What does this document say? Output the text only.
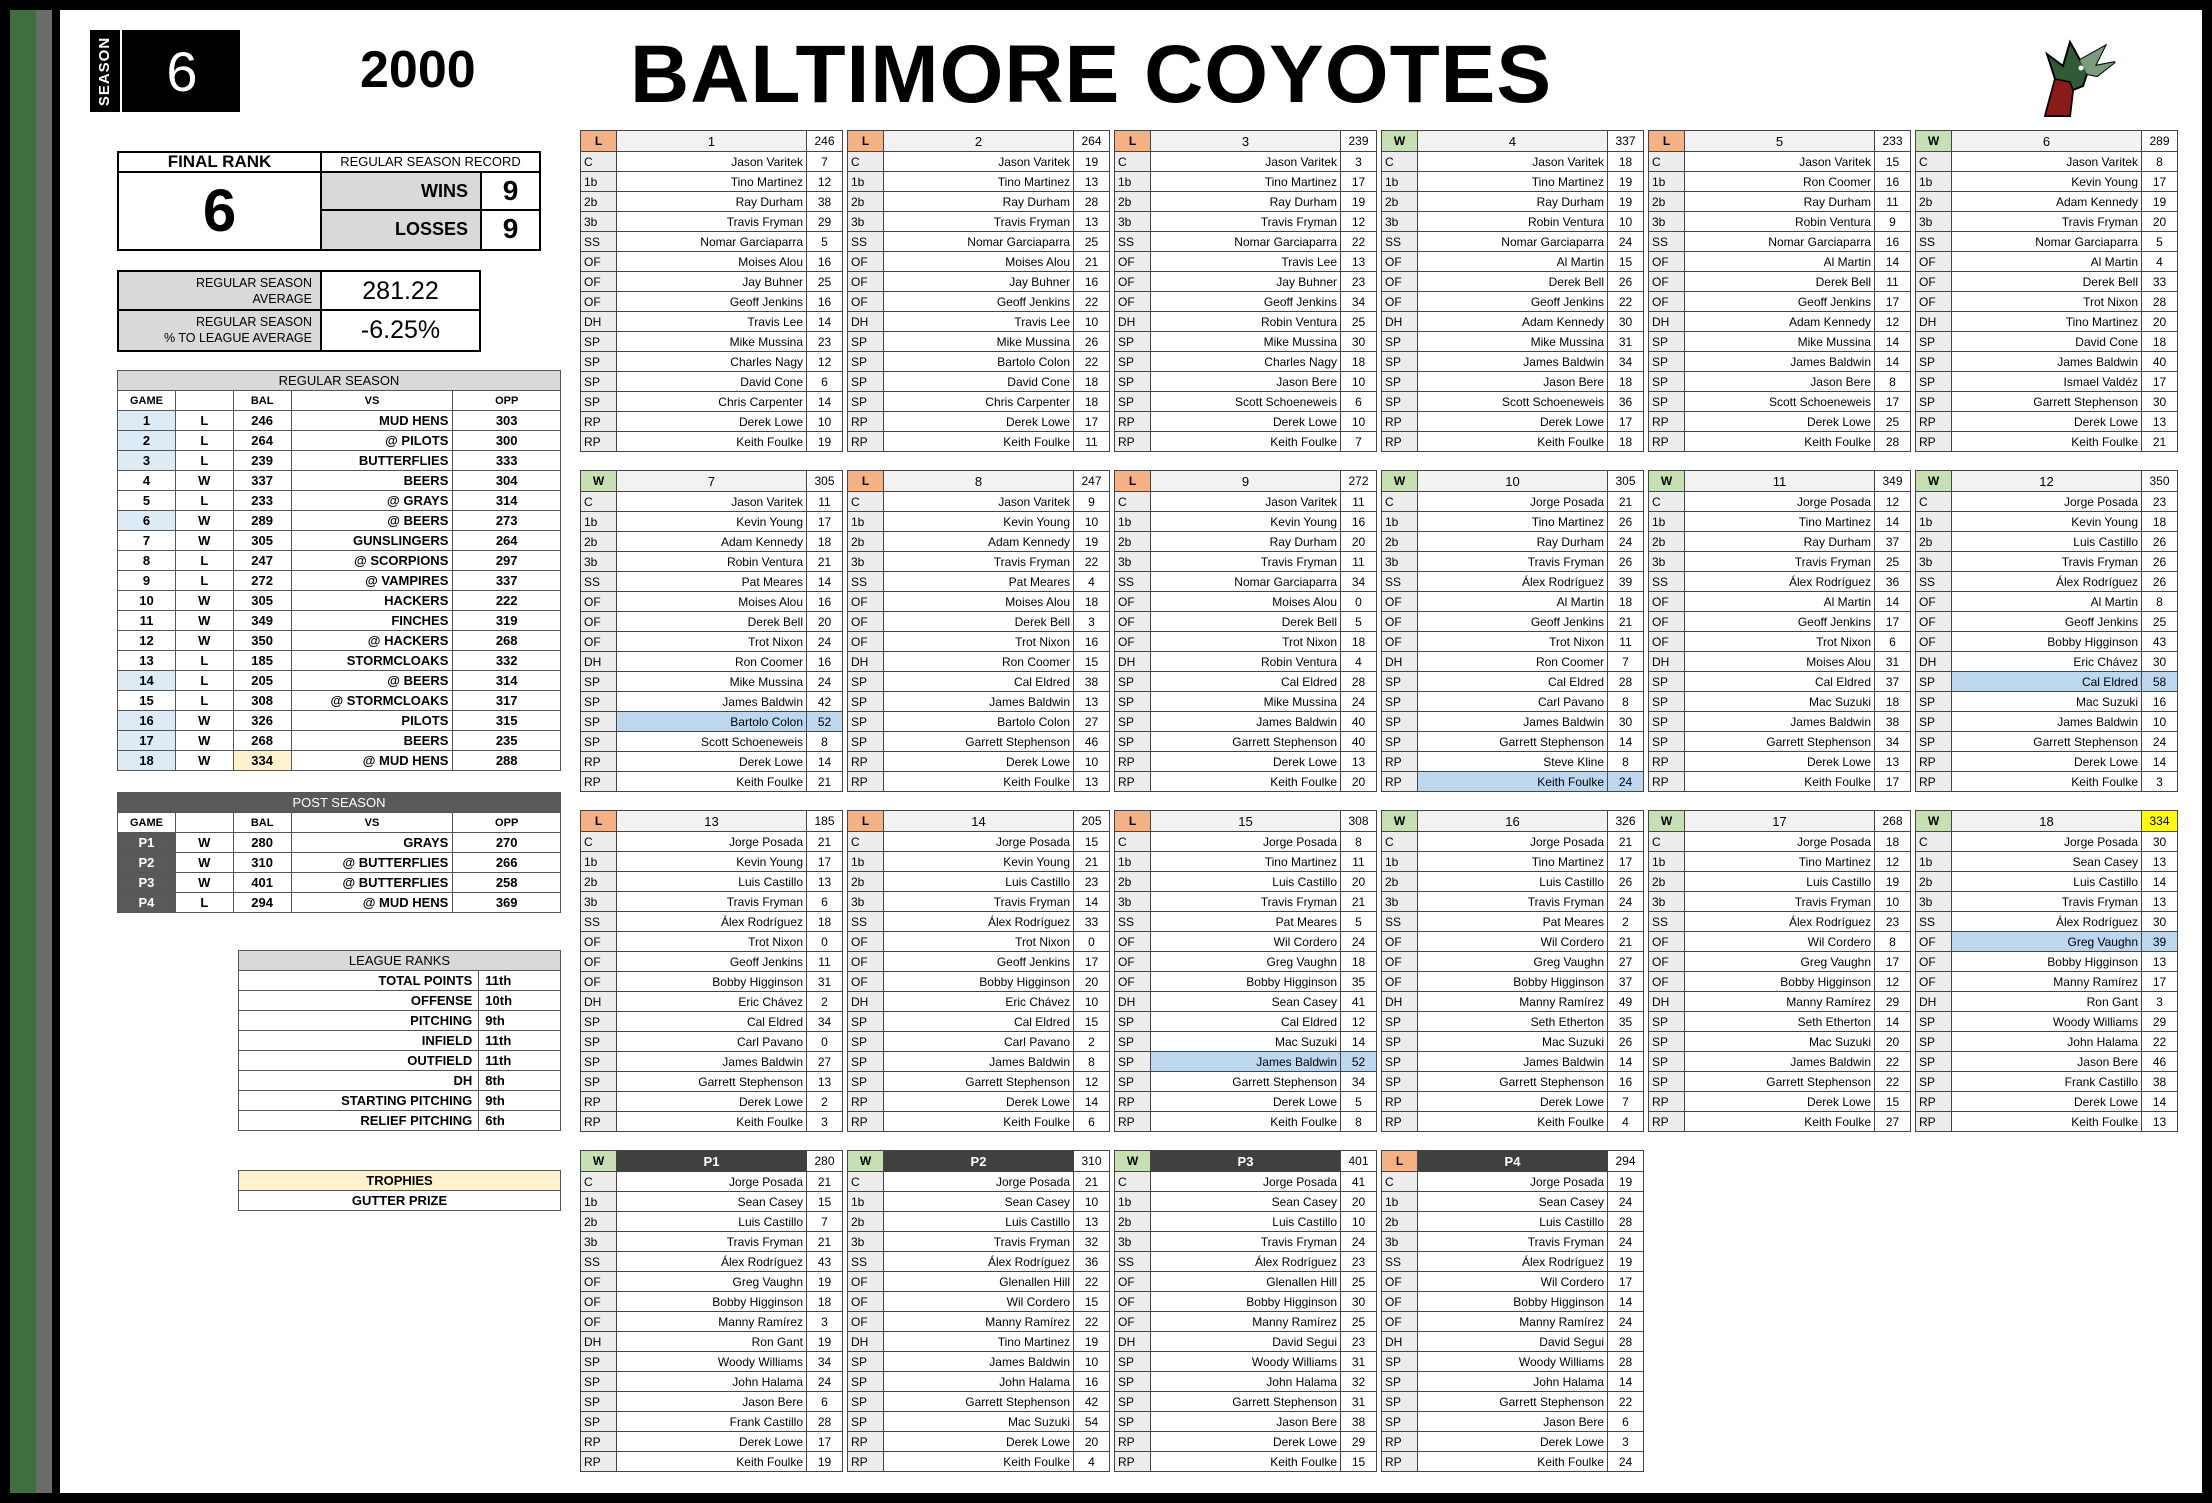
SEASON 6	2000 BALTIMORE COYOTES
FINAL RANK
6
REGULAR SEASON RECORD
WINS	9
LOSSES	9
REGULAR SEASON
AVERAGE	281.22
REGULAR SEASON
% TO LEAGUE AVERAGE	-6.25%
REGULAR SEASON				
GAME		BAL	VS	OPP
1	L	246	MUD HENS	303
2	L	264	@ PILOTS	300
3	L	239	BUTTERFLIES	333
4	W	337	BEERS	304
5	L	233	@ GRAYS	314
6	W	289	@ BEERS	273
7	W	305	GUNSLINGERS	264
8	L	247	@ SCORPIONS	297
9	L	272	@ VAMPIRES	337
10	W	305	HACKERS	222
11	W	349	FINCHES	319
12	W	350	@ HACKERS	268
13	L	185	STORMCLOAKS	332
14	L	205	@ BEERS	314
15	L	308	@ STORMCLOAKS	317
16	W	326	PILOTS	315
17	W	268	BEERS	235
18	W	334	@ MUD HENS	288
POST SEASON				
GAME		BAL	VS	OPP
P1	W	280	GRAYS	270
P2	W	310	@ BUTTERFLIES	266
P3	W	401	@ BUTTERFLIES	258
P4	L	294	@ MUD HENS	369
LEAGUE RANKS	
TOTAL POINTS	11th
OFFENSE	10th
PITCHING	9th
INFIELD	11th
OUTFIELD	11th
DH	8th
STARTING PITCHING	9th
RELIEF PITCHING	6th
TROPHIES
GUTTER PRIZE
L	1	246
C	Jason Varitek	7
1b	Tino Martinez	12
2b	Ray Durham	38
3b	Travis Fryman	29
SS	Nomar Garciaparra	5
OF	Moises Alou	16
OF	Jay Buhner	25
OF	Geoff Jenkins	16
DH	Travis Lee	14
SP	Mike Mussina	23
SP	Charles Nagy	12
SP	David Cone	6
SP	Chris Carpenter	14
RP	Derek Lowe	10
RP	Keith Foulke	19
L	2	264
C	Jason Varitek	19
1b	Tino Martinez	13
2b	Ray Durham	28
3b	Travis Fryman	13
SS	Nomar Garciaparra	25
OF	Moises Alou	21
OF	Jay Buhner	16
OF	Geoff Jenkins	22
DH	Travis Lee	10
SP	Mike Mussina	26
SP	Bartolo Colon	22
SP	David Cone	18
SP	Chris Carpenter	18
RP	Derek Lowe	17
RP	Keith Foulke	11
L	3	239
C	Jason Varitek	3
1b	Tino Martinez	17
2b	Ray Durham	19
3b	Travis Fryman	12
SS	Nomar Garciaparra	22
OF	Travis Lee	13
OF	Jay Buhner	23
OF	Geoff Jenkins	34
DH	Robin Ventura	25
SP	Mike Mussina	30
SP	Charles Nagy	18
SP	Jason Bere	10
SP	Scott Schoeneweis	6
RP	Derek Lowe	10
RP	Keith Foulke	7
W	4	337
C	Jason Varitek	18
1b	Tino Martinez	19
2b	Ray Durham	19
3b	Robin Ventura	10
SS	Nomar Garciaparra	24
OF	Al Martin	15
OF	Derek Bell	26
OF	Geoff Jenkins	22
DH	Adam Kennedy	30
SP	Mike Mussina	31
SP	James Baldwin	34
SP	Jason Bere	18
SP	Scott Schoeneweis	36
RP	Derek Lowe	17
RP	Keith Foulke	18
L	5	233
C	Jason Varitek	15
1b	Ron Coomer	16
2b	Ray Durham	11
3b	Robin Ventura	9
SS	Nomar Garciaparra	16
OF	Al Martin	14
OF	Derek Bell	11
OF	Geoff Jenkins	17
DH	Adam Kennedy	12
SP	Mike Mussina	14
SP	James Baldwin	14
SP	Jason Bere	8
SP	Scott Schoeneweis	17
RP	Derek Lowe	25
RP	Keith Foulke	28
W	6	289
C	Jason Varitek	8
1b	Kevin Young	17
2b	Adam Kennedy	19
3b	Travis Fryman	20
SS	Nomar Garciaparra	5
OF	Al Martin	4
OF	Derek Bell	33
OF	Trot Nixon	28
DH	Tino Martinez	20
SP	David Cone	18
SP	James Baldwin	40
SP	Ismael Valdéz	17
SP	Garrett Stephenson	30
RP	Derek Lowe	13
RP	Keith Foulke	21
W	7	305
C	Jason Varitek	11
1b	Kevin Young	17
2b	Adam Kennedy	18
3b	Robin Ventura	21
SS	Pat Meares	14
OF	Moises Alou	16
OF	Derek Bell	20
OF	Trot Nixon	24
DH	Ron Coomer	16
SP	Mike Mussina	24
SP	James Baldwin	42
SP	Bartolo Colon	52
SP	Scott Schoeneweis	8
RP	Derek Lowe	14
RP	Keith Foulke	21
L	8	247
C	Jason Varitek	9
1b	Kevin Young	10
2b	Adam Kennedy	19
3b	Travis Fryman	22
SS	Pat Meares	4
OF	Moises Alou	18
OF	Derek Bell	3
OF	Trot Nixon	16
DH	Ron Coomer	15
SP	Cal Eldred	38
SP	James Baldwin	13
SP	Bartolo Colon	27
SP	Garrett Stephenson	46
RP	Derek Lowe	10
RP	Keith Foulke	13
L	9	272
C	Jason Varitek	11
1b	Kevin Young	16
2b	Ray Durham	20
3b	Travis Fryman	11
SS	Nomar Garciaparra	34
OF	Moises Alou	0
OF	Derek Bell	5
OF	Trot Nixon	18
DH	Robin Ventura	4
SP	Cal Eldred	28
SP	Mike Mussina	24
SP	James Baldwin	40
SP	Garrett Stephenson	40
RP	Derek Lowe	13
RP	Keith Foulke	20
W	10	305
C	Jorge Posada	21
1b	Tino Martinez	26
2b	Ray Durham	24
3b	Travis Fryman	26
SS	Álex Rodríguez	39
OF	Al Martin	18
OF	Geoff Jenkins	21
OF	Trot Nixon	11
DH	Ron Coomer	7
SP	Cal Eldred	28
SP	Carl Pavano	8
SP	James Baldwin	30
SP	Garrett Stephenson	14
RP	Steve Kline	8
RP	Keith Foulke	24
W	11	349
C	Jorge Posada	12
1b	Tino Martinez	14
2b	Ray Durham	37
3b	Travis Fryman	25
SS	Álex Rodríguez	36
OF	Al Martin	14
OF	Geoff Jenkins	17
OF	Trot Nixon	6
DH	Moises Alou	31
SP	Cal Eldred	37
SP	Mac Suzuki	18
SP	James Baldwin	38
SP	Garrett Stephenson	34
RP	Derek Lowe	13
RP	Keith Foulke	17
W	12	350
C	Jorge Posada	23
1b	Kevin Young	18
2b	Luis Castillo	26
3b	Travis Fryman	26
SS	Álex Rodríguez	26
OF	Al Martin	8
OF	Geoff Jenkins	25
OF	Bobby Higginson	43
DH	Eric Chávez	30
SP	Cal Eldred	58
SP	Mac Suzuki	16
SP	James Baldwin	10
SP	Garrett Stephenson	24
RP	Derek Lowe	14
RP	Keith Foulke	3
L	13	185
C	Jorge Posada	21
1b	Kevin Young	17
2b	Luis Castillo	13
3b	Travis Fryman	6
SS	Álex Rodríguez	18
OF	Trot Nixon	0
OF	Geoff Jenkins	11
OF	Bobby Higginson	31
DH	Eric Chávez	2
SP	Cal Eldred	34
SP	Carl Pavano	0
SP	James Baldwin	27
SP	Garrett Stephenson	13
RP	Derek Lowe	2
RP	Keith Foulke	3
L	14	205
C	Jorge Posada	15
1b	Kevin Young	21
2b	Luis Castillo	23
3b	Travis Fryman	14
SS	Álex Rodríguez	33
OF	Trot Nixon	0
OF	Geoff Jenkins	17
OF	Bobby Higginson	20
DH	Eric Chávez	10
SP	Cal Eldred	15
SP	Carl Pavano	2
SP	James Baldwin	8
SP	Garrett Stephenson	12
RP	Derek Lowe	14
RP	Keith Foulke	6
L	15	308
C	Jorge Posada	8
1b	Tino Martinez	11
2b	Luis Castillo	20
3b	Travis Fryman	21
SS	Pat Meares	5
OF	Wil Cordero	24
OF	Greg Vaughn	18
OF	Bobby Higginson	35
DH	Sean Casey	41
SP	Cal Eldred	12
SP	Mac Suzuki	14
SP	James Baldwin	52
SP	Garrett Stephenson	34
RP	Derek Lowe	5
RP	Keith Foulke	8
W	16	326
C	Jorge Posada	21
1b	Tino Martinez	17
2b	Luis Castillo	26
3b	Travis Fryman	24
SS	Pat Meares	2
OF	Wil Cordero	21
OF	Greg Vaughn	27
OF	Bobby Higginson	37
DH	Manny Ramírez	49
SP	Seth Etherton	35
SP	Mac Suzuki	26
SP	James Baldwin	14
SP	Garrett Stephenson	16
RP	Derek Lowe	7
RP	Keith Foulke	4
W	17	268
C	Jorge Posada	18
1b	Tino Martinez	12
2b	Luis Castillo	19
3b	Travis Fryman	10
SS	Álex Rodríguez	23
OF	Wil Cordero	8
OF	Greg Vaughn	17
OF	Bobby Higginson	12
DH	Manny Ramírez	29
SP	Seth Etherton	14
SP	Mac Suzuki	20
SP	James Baldwin	22
SP	Garrett Stephenson	22
RP	Derek Lowe	15
RP	Keith Foulke	27
W	18	334
C	Jorge Posada	30
1b	Sean Casey	13
2b	Luis Castillo	14
3b	Travis Fryman	13
SS	Álex Rodríguez	30
OF	Greg Vaughn	39
OF	Bobby Higginson	13
OF	Manny Ramírez	17
DH	Ron Gant	3
SP	Woody Williams	29
SP	John Halama	22
SP	Jason Bere	46
SP	Frank Castillo	38
RP	Derek Lowe	14
RP	Keith Foulke	13
W	P1	280
C	Jorge Posada	21
1b	Sean Casey	15
2b	Luis Castillo	7
3b	Travis Fryman	21
SS	Álex Rodríguez	43
OF	Greg Vaughn	19
OF	Bobby Higginson	18
OF	Manny Ramírez	3
DH	Ron Gant	19
SP	Woody Williams	34
SP	John Halama	24
SP	Jason Bere	6
SP	Frank Castillo	28
RP	Derek Lowe	17
RP	Keith Foulke	19
W	P2	310
C	Jorge Posada	21
1b	Sean Casey	10
2b	Luis Castillo	13
3b	Travis Fryman	32
SS	Álex Rodríguez	36
OF	Glenallen Hill	22
OF	Wil Cordero	15
OF	Manny Ramírez	22
DH	Tino Martinez	19
SP	James Baldwin	10
SP	John Halama	16
SP	Garrett Stephenson	42
SP	Mac Suzuki	54
RP	Derek Lowe	20
RP	Keith Foulke	4
W	P3	401
C	Jorge Posada	41
1b	Sean Casey	20
2b	Luis Castillo	10
3b	Travis Fryman	24
SS	Álex Rodríguez	23
OF	Glenallen Hill	25
OF	Bobby Higginson	30
OF	Manny Ramírez	25
DH	David Segui	23
SP	Woody Williams	31
SP	John Halama	32
SP	Garrett Stephenson	31
SP	Jason Bere	38
RP	Derek Lowe	29
RP	Keith Foulke	15
L	P4	294
C	Jorge Posada	19
1b	Sean Casey	24
2b	Luis Castillo	28
3b	Travis Fryman	24
SS	Álex Rodríguez	19
OF	Wil Cordero	17
OF	Bobby Higginson	14
OF	Manny Ramírez	24
DH	David Segui	28
SP	Woody Williams	28
SP	John Halama	14
SP	Garrett Stephenson	22
SP	Jason Bere	6
RP	Derek Lowe	3
RP	Keith Foulke	24
